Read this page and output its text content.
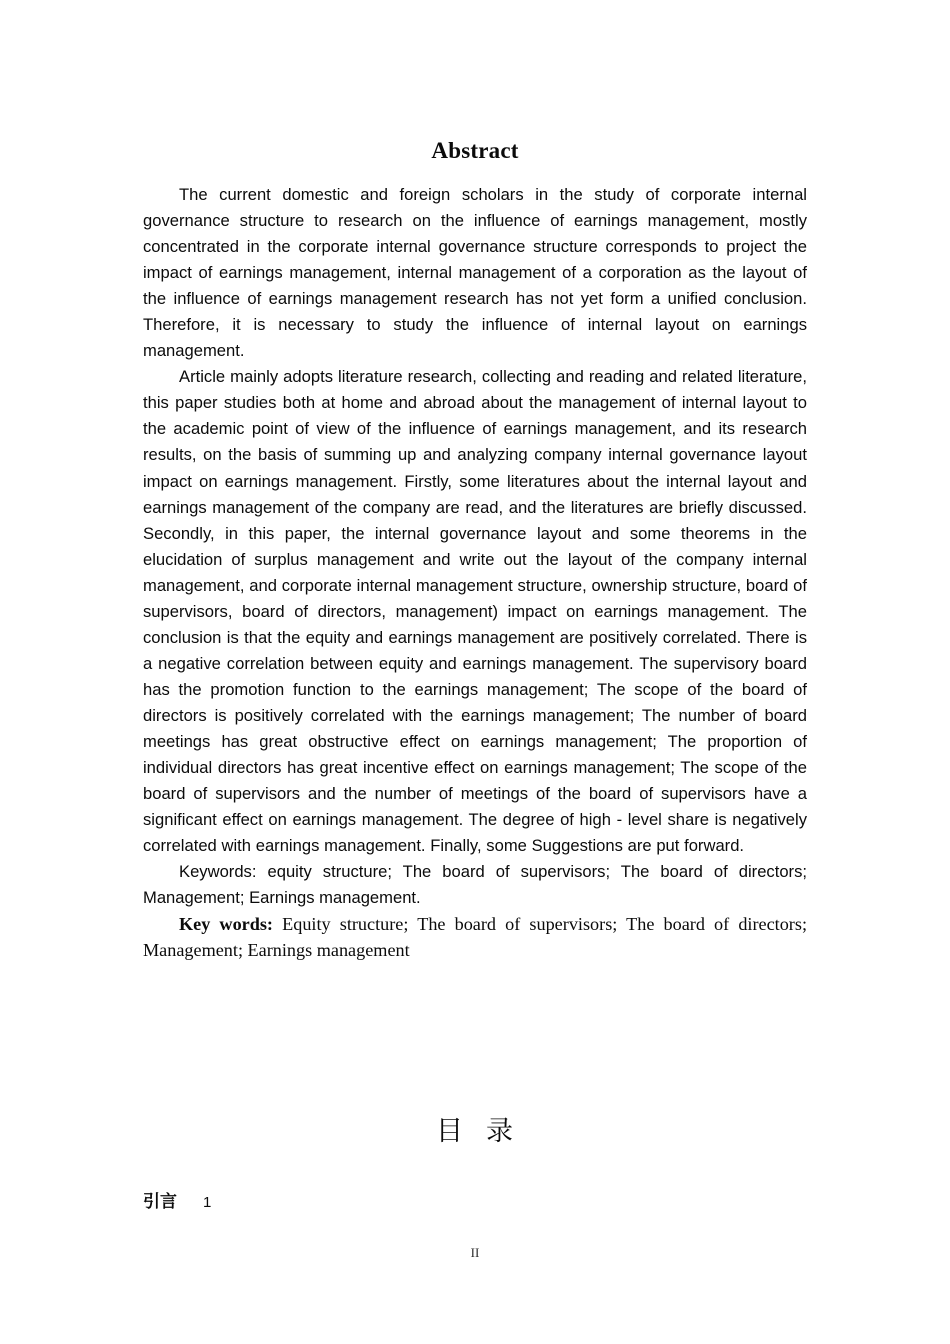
Abstract

The current domestic and foreign scholars in the study of corporate internal governance structure to research on the influence of earnings management, mostly concentrated in the corporate internal governance structure corresponds to project the impact of earnings management, internal management of a corporation as the layout of the influence of earnings management research has not yet form a unified conclusion. Therefore, it is necessary to study the influence of internal layout on earnings management.

Article mainly adopts literature research, collecting and reading and related literature, this paper studies both at home and abroad about the management of internal layout to the academic point of view of the influence of earnings management, and its research results, on the basis of summing up and analyzing company internal governance layout impact on earnings management. Firstly, some literatures about the internal layout and earnings management of the company are read, and the literatures are briefly discussed. Secondly, in this paper, the internal governance layout and some theorems in the elucidation of surplus management and write out the layout of the company internal management, and corporate internal management structure, ownership structure, board of supervisors, board of directors, management) impact on earnings management. The conclusion is that the equity and earnings management are positively correlated. There is a negative correlation between equity and earnings management. The supervisory board has the promotion function to the earnings management; The scope of the board of directors is positively correlated with the earnings management; The number of board meetings has great obstructive effect on earnings management; The proportion of individual directors has great incentive effect on earnings management; The scope of the board of supervisors and the number of meetings of the board of supervisors have a significant effect on earnings management. The degree of high - level share is negatively correlated with earnings management. Finally, some Suggestions are put forward.

Keywords: equity structure; The board of supervisors; The board of directors; Management; Earnings management.

Key words: Equity structure; The board of supervisors; The board of directors; Management; Earnings management

目 录
引言 1
II
